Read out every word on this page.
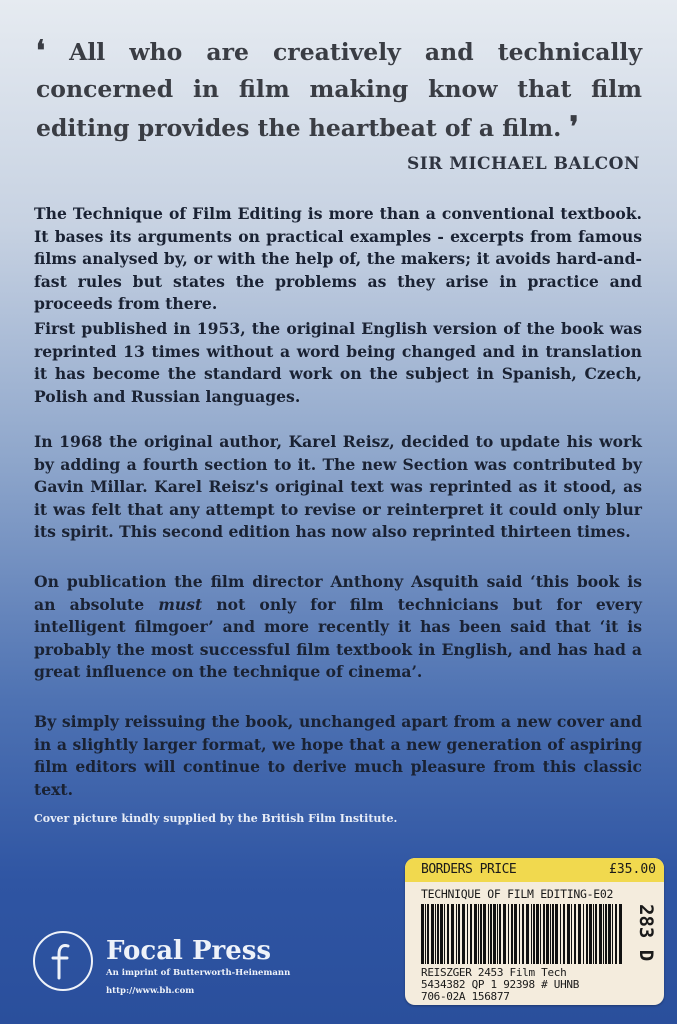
❛ All who are creatively and technically concerned in film making know that film editing provides the heartbeat of a film. ❜
SIR MICHAEL BALCON

The Technique of Film Editing is more than a conventional textbook. It bases its arguments on practical examples - excerpts from famous films analysed by, or with the help of, the makers; it avoids hard-and-fast rules but states the problems as they arise in practice and proceeds from there.

First published in 1953, the original English version of the book was reprinted 13 times without a word being changed and in translation it has become the standard work on the subject in Spanish, Czech, Polish and Russian languages.

In 1968 the original author, Karel Reisz, decided to update his work by adding a fourth section to it. The new Section was contributed by Gavin Millar. Karel Reisz's original text was reprinted as it stood, as it was felt that any attempt to revise or reinterpret it could only blur its spirit. This second edition has now also reprinted thirteen times.

On publication the film director Anthony Asquith said ‘this book is an absolute must not only for film technicians but for every intelligent filmgoer’ and more recently it has been said that ‘it is probably the most successful film textbook in English, and has had a great influence on the technique of cinema’.

By simply reissuing the book, unchanged apart from a new cover and in a slightly larger format, we hope that a new generation of aspiring film editors will continue to derive much pleasure from this classic text.

Cover picture kindly supplied by the British Film Institute.
Focal Press
An imprint of Butterworth-Heinemann
http://www.bh.com
BORDERS PRICE	£35.00
TECHNIQUE OF FILM EDITING-E02
283 D
REISZGER 2453 Film Tech
5434382 QP 1 92398 # UHNB
706-02A 156877
